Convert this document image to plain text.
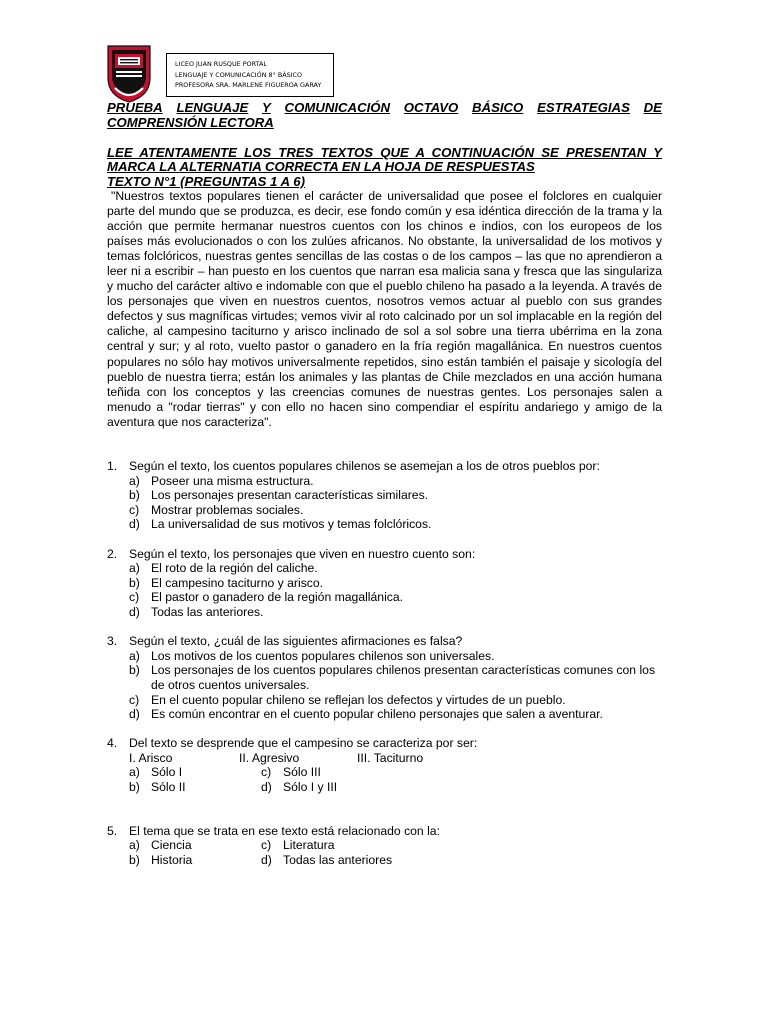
LICEO JUAN RUSQUE PORTAL
LENGUAJE Y COMUNICACIÓN 8° BÁSICO
PROFESORA SRA. MARLENE FIGUEROA GARAY
PRUEBA LENGUAJE Y COMUNICACIÓN OCTAVO BÁSICO ESTRATEGIAS DE
COMPRENSIÓN LECTORA
LEE ATENTAMENTE LOS TRES TEXTOS QUE A CONTINUACIÓN SE PRESENTAN Y MARCA LA ALTERNATIA CORRECTA EN LA HOJA DE RESPUESTAS
TEXTO N°1 (PREGUNTAS 1 A 6)
"Nuestros textos populares tienen el carácter de universalidad que posee el folclores en cualquier parte del mundo que se produzca, es decir, ese fondo común y esa idéntica dirección de la trama y la acción que permite hermanar nuestros cuentos con los chinos e indios, con los europeos de los países más evolucionados o con los zulúes africanos. No obstante, la universalidad de los motivos y temas folclóricos, nuestras gentes sencillas de las costas o de los campos – las que no aprendieron a leer ni a escribir – han puesto en los cuentos que narran esa malicia sana y fresca que las singulariza y mucho del carácter altivo e indomable con que el pueblo chileno ha pasado a la leyenda. A través de los personajes que viven en nuestros cuentos, nosotros vemos actuar al pueblo con sus grandes defectos y sus magníficas virtudes; vemos vivir al roto calcinado por un sol implacable en la región del caliche, al campesino taciturno y arisco inclinado de sol a sol sobre una tierra ubérrima en la zona central y sur; y al roto, vuelto pastor o ganadero en la fría región magallánica. En nuestros cuentos populares no sólo hay motivos universalmente repetidos, sino están también el paisaje y sicología del pueblo de nuestra tierra; están los animales y las plantas de Chile mezclados en una acción humana teñida con los conceptos y las creencias comunes de nuestras gentes. Los personajes salen a menudo a "rodar tierras" y con ello no hacen sino compendiar el espíritu andariego y amigo de la aventura que nos caracteriza".
1. Según el texto, los cuentos populares chilenos se asemejan a los de otros pueblos por:
a) Poseer una misma estructura.
b) Los personajes presentan características similares.
c) Mostrar problemas sociales.
d) La universalidad de sus motivos y temas folclóricos.
2. Según el texto, los personajes que viven en nuestro cuento son:
a) El roto de la región del caliche.
b) El campesino taciturno y arisco.
c) El pastor o ganadero de la región magallánica.
d) Todas las anteriores.
3. Según el texto, ¿cuál de las siguientes afirmaciones es falsa?
a) Los motivos de los cuentos populares chilenos son universales.
b) Los personajes de los cuentos populares chilenos presentan características comunes con los de otros cuentos universales.
c) En el cuento popular chileno se reflejan los defectos y virtudes de un pueblo.
d) Es común encontrar en el cuento popular chileno personajes que salen a aventurar.
4. Del texto se desprende que el campesino se caracteriza por ser:
I. Arisco	II. Agresivo	III. Taciturno
a) Sólo I	c) Sólo III
b) Sólo II	d) Sólo I y III
5. El tema que se trata en ese texto está relacionado con la:
a) Ciencia	c) Literatura
b) Historia	d) Todas las anteriores
